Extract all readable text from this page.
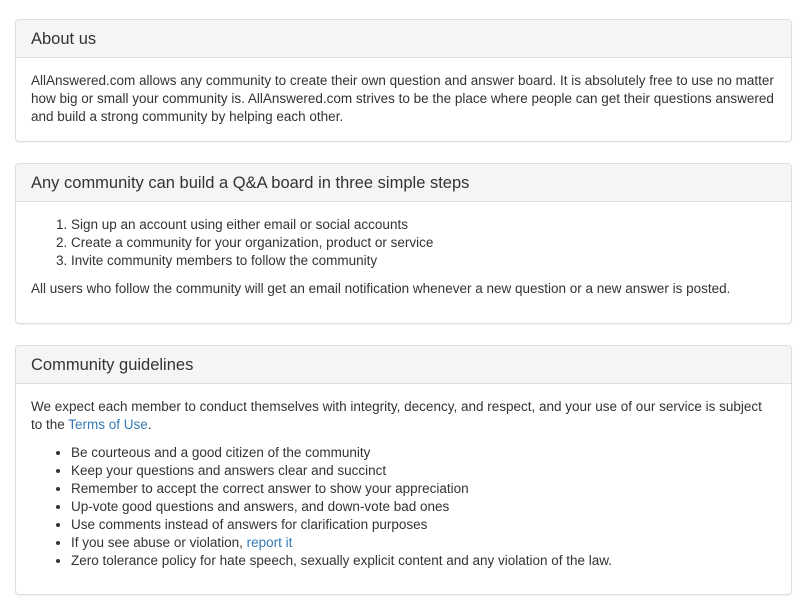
About us

AllAnswered.com allows any community to create their own question and answer board. It is absolutely free to use no matter how big or small your community is. AllAnswered.com strives to be the place where people can get their questions answered and build a strong community by helping each other.

Any community can build a Q&A board in three simple steps
1. Sign up an account using either email or social accounts
2. Create a community for your organization, product or service
3. Invite community members to follow the community

All users who follow the community will get an email notification whenever a new question or a new answer is posted.

Community guidelines

We expect each member to conduct themselves with integrity, decency, and respect, and your use of our service is subject to the Terms of Use.

• Be courteous and a good citizen of the community
• Keep your questions and answers clear and succinct
• Remember to accept the correct answer to show your appreciation
• Up-vote good questions and answers, and down-vote bad ones
• Use comments instead of answers for clarification purposes
• If you see abuse or violation, report it
• Zero tolerance policy for hate speech, sexually explicit content and any violation of the law.
